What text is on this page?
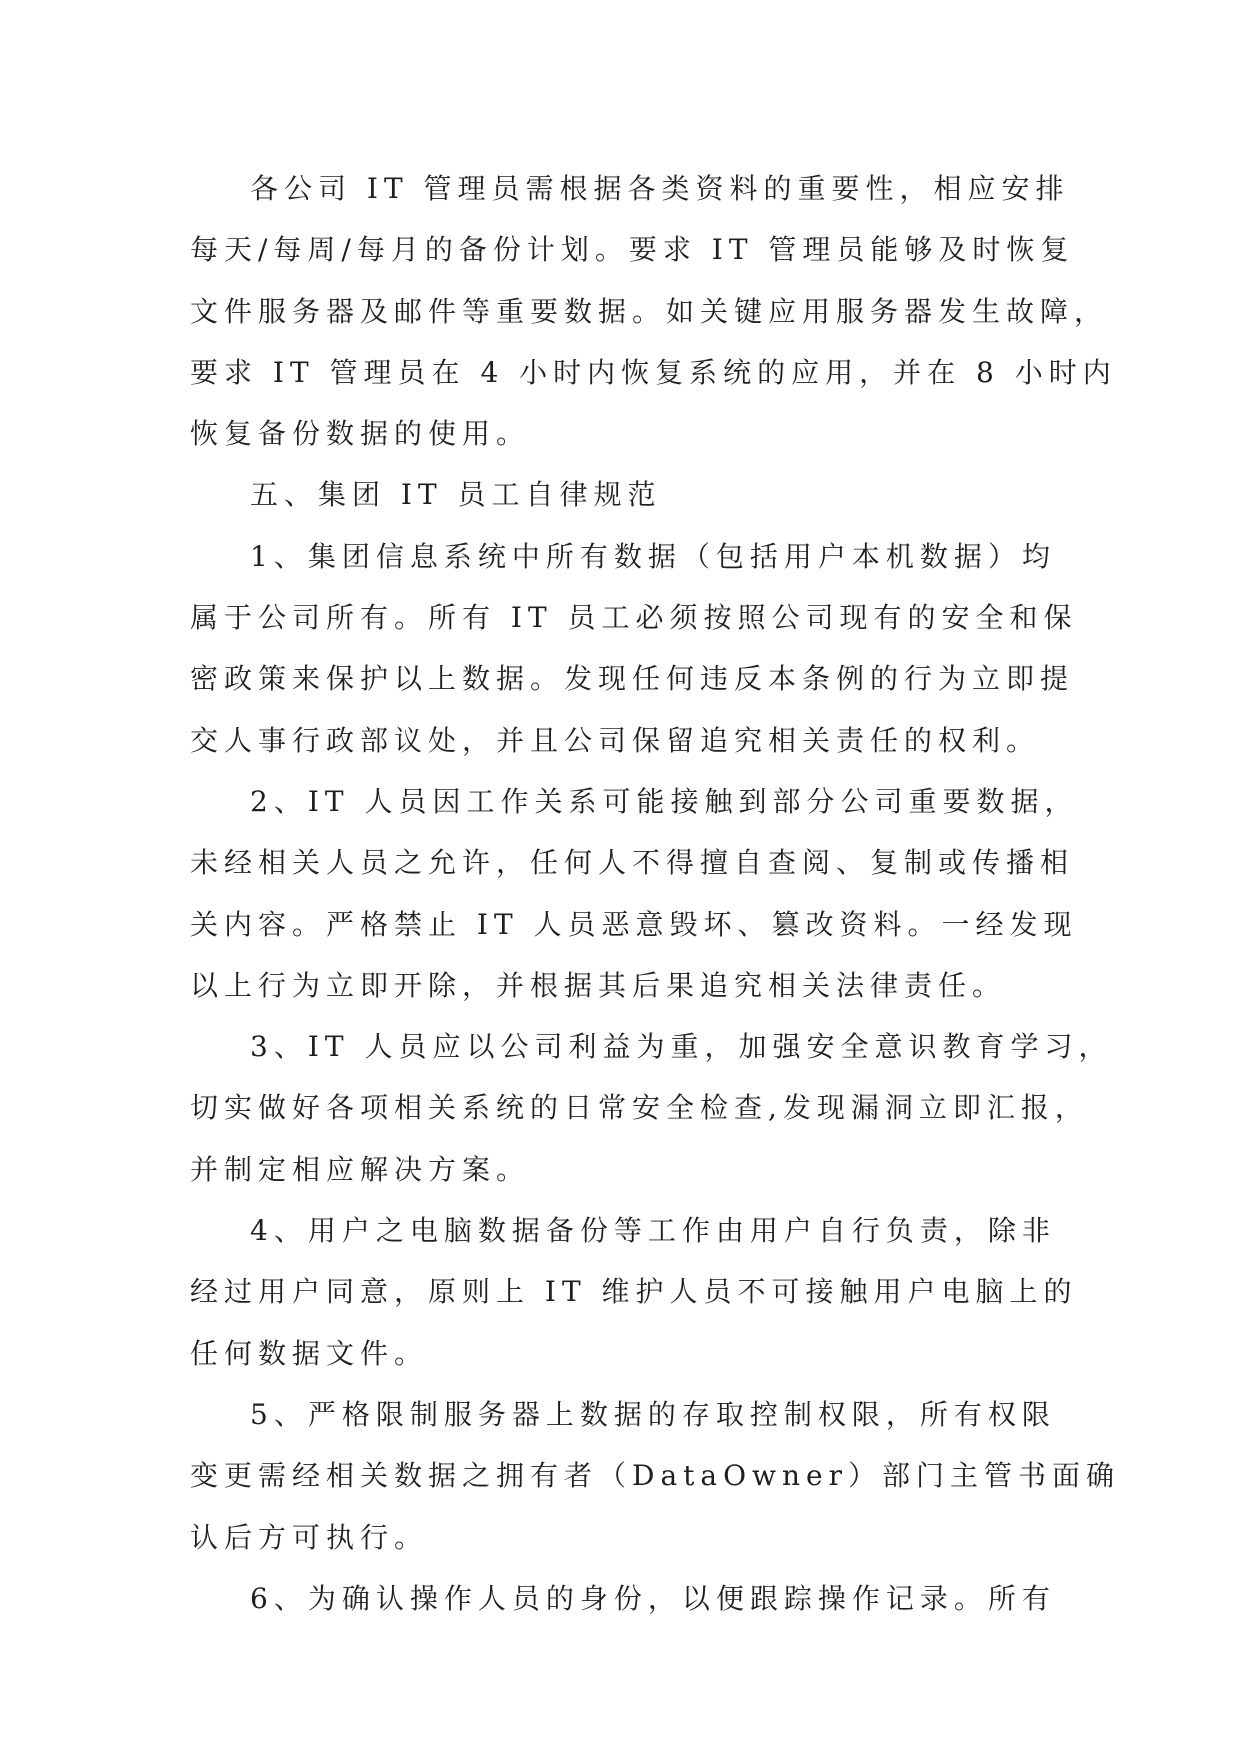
各公司 IT 管理员需根据各类资料的重要性，相应安排

每天/每周/每月的备份计划。要求 IT 管理员能够及时恢复

文件服务器及邮件等重要数据。如关键应用服务器发生故障，

要求 IT 管理员在 4 小时内恢复系统的应用，并在 8 小时内

恢复备份数据的使用。

五、集团 IT 员工自律规范

1、集团信息系统中所有数据（包括用户本机数据）均

属于公司所有。所有 IT 员工必须按照公司现有的安全和保

密政策来保护以上数据。发现任何违反本条例的行为立即提

交人事行政部议处，并且公司保留追究相关责任的权利。

2、IT 人员因工作关系可能接触到部分公司重要数据，

未经相关人员之允许，任何人不得擅自查阅、复制或传播相

关内容。严格禁止 IT 人员恶意毁坏、篡改资料。一经发现

以上行为立即开除，并根据其后果追究相关法律责任。

3、IT 人员应以公司利益为重，加强安全意识教育学习，

切实做好各项相关系统的日常安全检查,发现漏洞立即汇报，

并制定相应解决方案。

4、用户之电脑数据备份等工作由用户自行负责，除非

经过用户同意，原则上 IT 维护人员不可接触用户电脑上的

任何数据文件。

5、严格限制服务器上数据的存取控制权限，所有权限

变更需经相关数据之拥有者（DataOwner）部门主管书面确

认后方可执行。

6、为确认操作人员的身份，以便跟踪操作记录。所有
